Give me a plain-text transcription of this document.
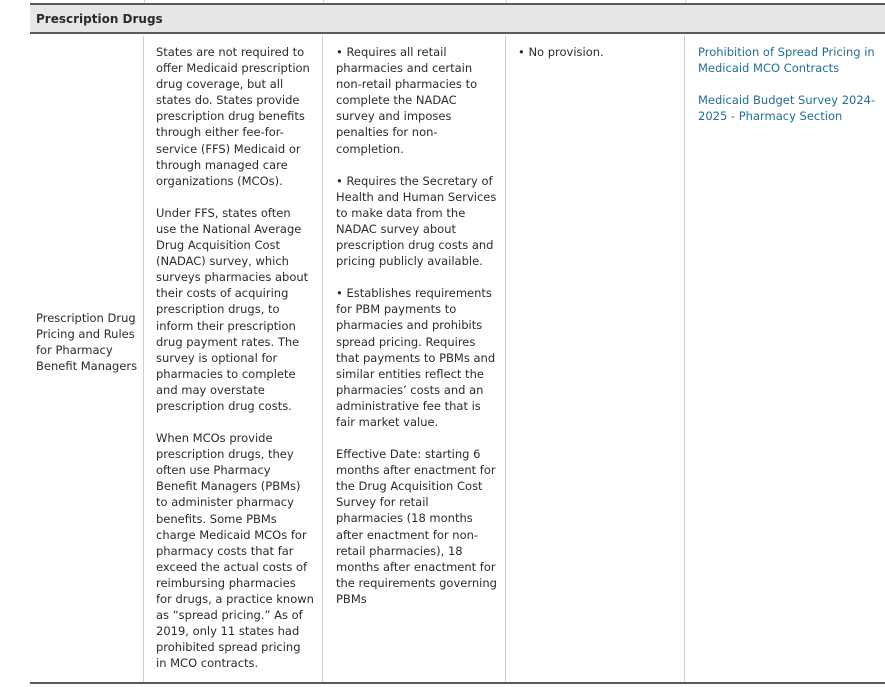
Prescription Drugs
Prescription Drug Pricing and Rules for Pharmacy Benefit Managers

States are not required to offer Medicaid prescription drug coverage, but all states do. States provide prescription drug benefits through either fee-for-service (FFS) Medicaid or through managed care organizations (MCOs).

Under FFS, states often use the National Average Drug Acquisition Cost (NADAC) survey, which surveys pharmacies about their costs of acquiring prescription drugs, to inform their prescription drug payment rates. The survey is optional for pharmacies to complete and may overstate prescription drug costs.

When MCOs provide prescription drugs, they often use Pharmacy Benefit Managers (PBMs) to administer pharmacy benefits. Some PBMs charge Medicaid MCOs for pharmacy costs that far exceed the actual costs of reimbursing pharmacies for drugs, a practice known as “spread pricing.” As of 2019, only 11 states had prohibited spread pricing in MCO contracts.

• Requires all retail pharmacies and certain non-retail pharmacies to complete the NADAC survey and imposes penalties for non-completion.

• Requires the Secretary of Health and Human Services to make data from the NADAC survey about prescription drug costs and pricing publicly available.

• Establishes requirements for PBM payments to pharmacies and prohibits spread pricing. Requires that payments to PBMs and similar entities reflect the pharmacies’ costs and an administrative fee that is fair market value.

Effective Date: starting 6 months after enactment for the Drug Acquisition Cost Survey for retail pharmacies (18 months after enactment for non-retail pharmacies), 18 months after enactment for the requirements governing PBMs

• No provision.	Prohibition of Spread Pricing in Medicaid MCO Contracts
Medicaid Budget Survey 2024-2025 - Pharmacy Section
